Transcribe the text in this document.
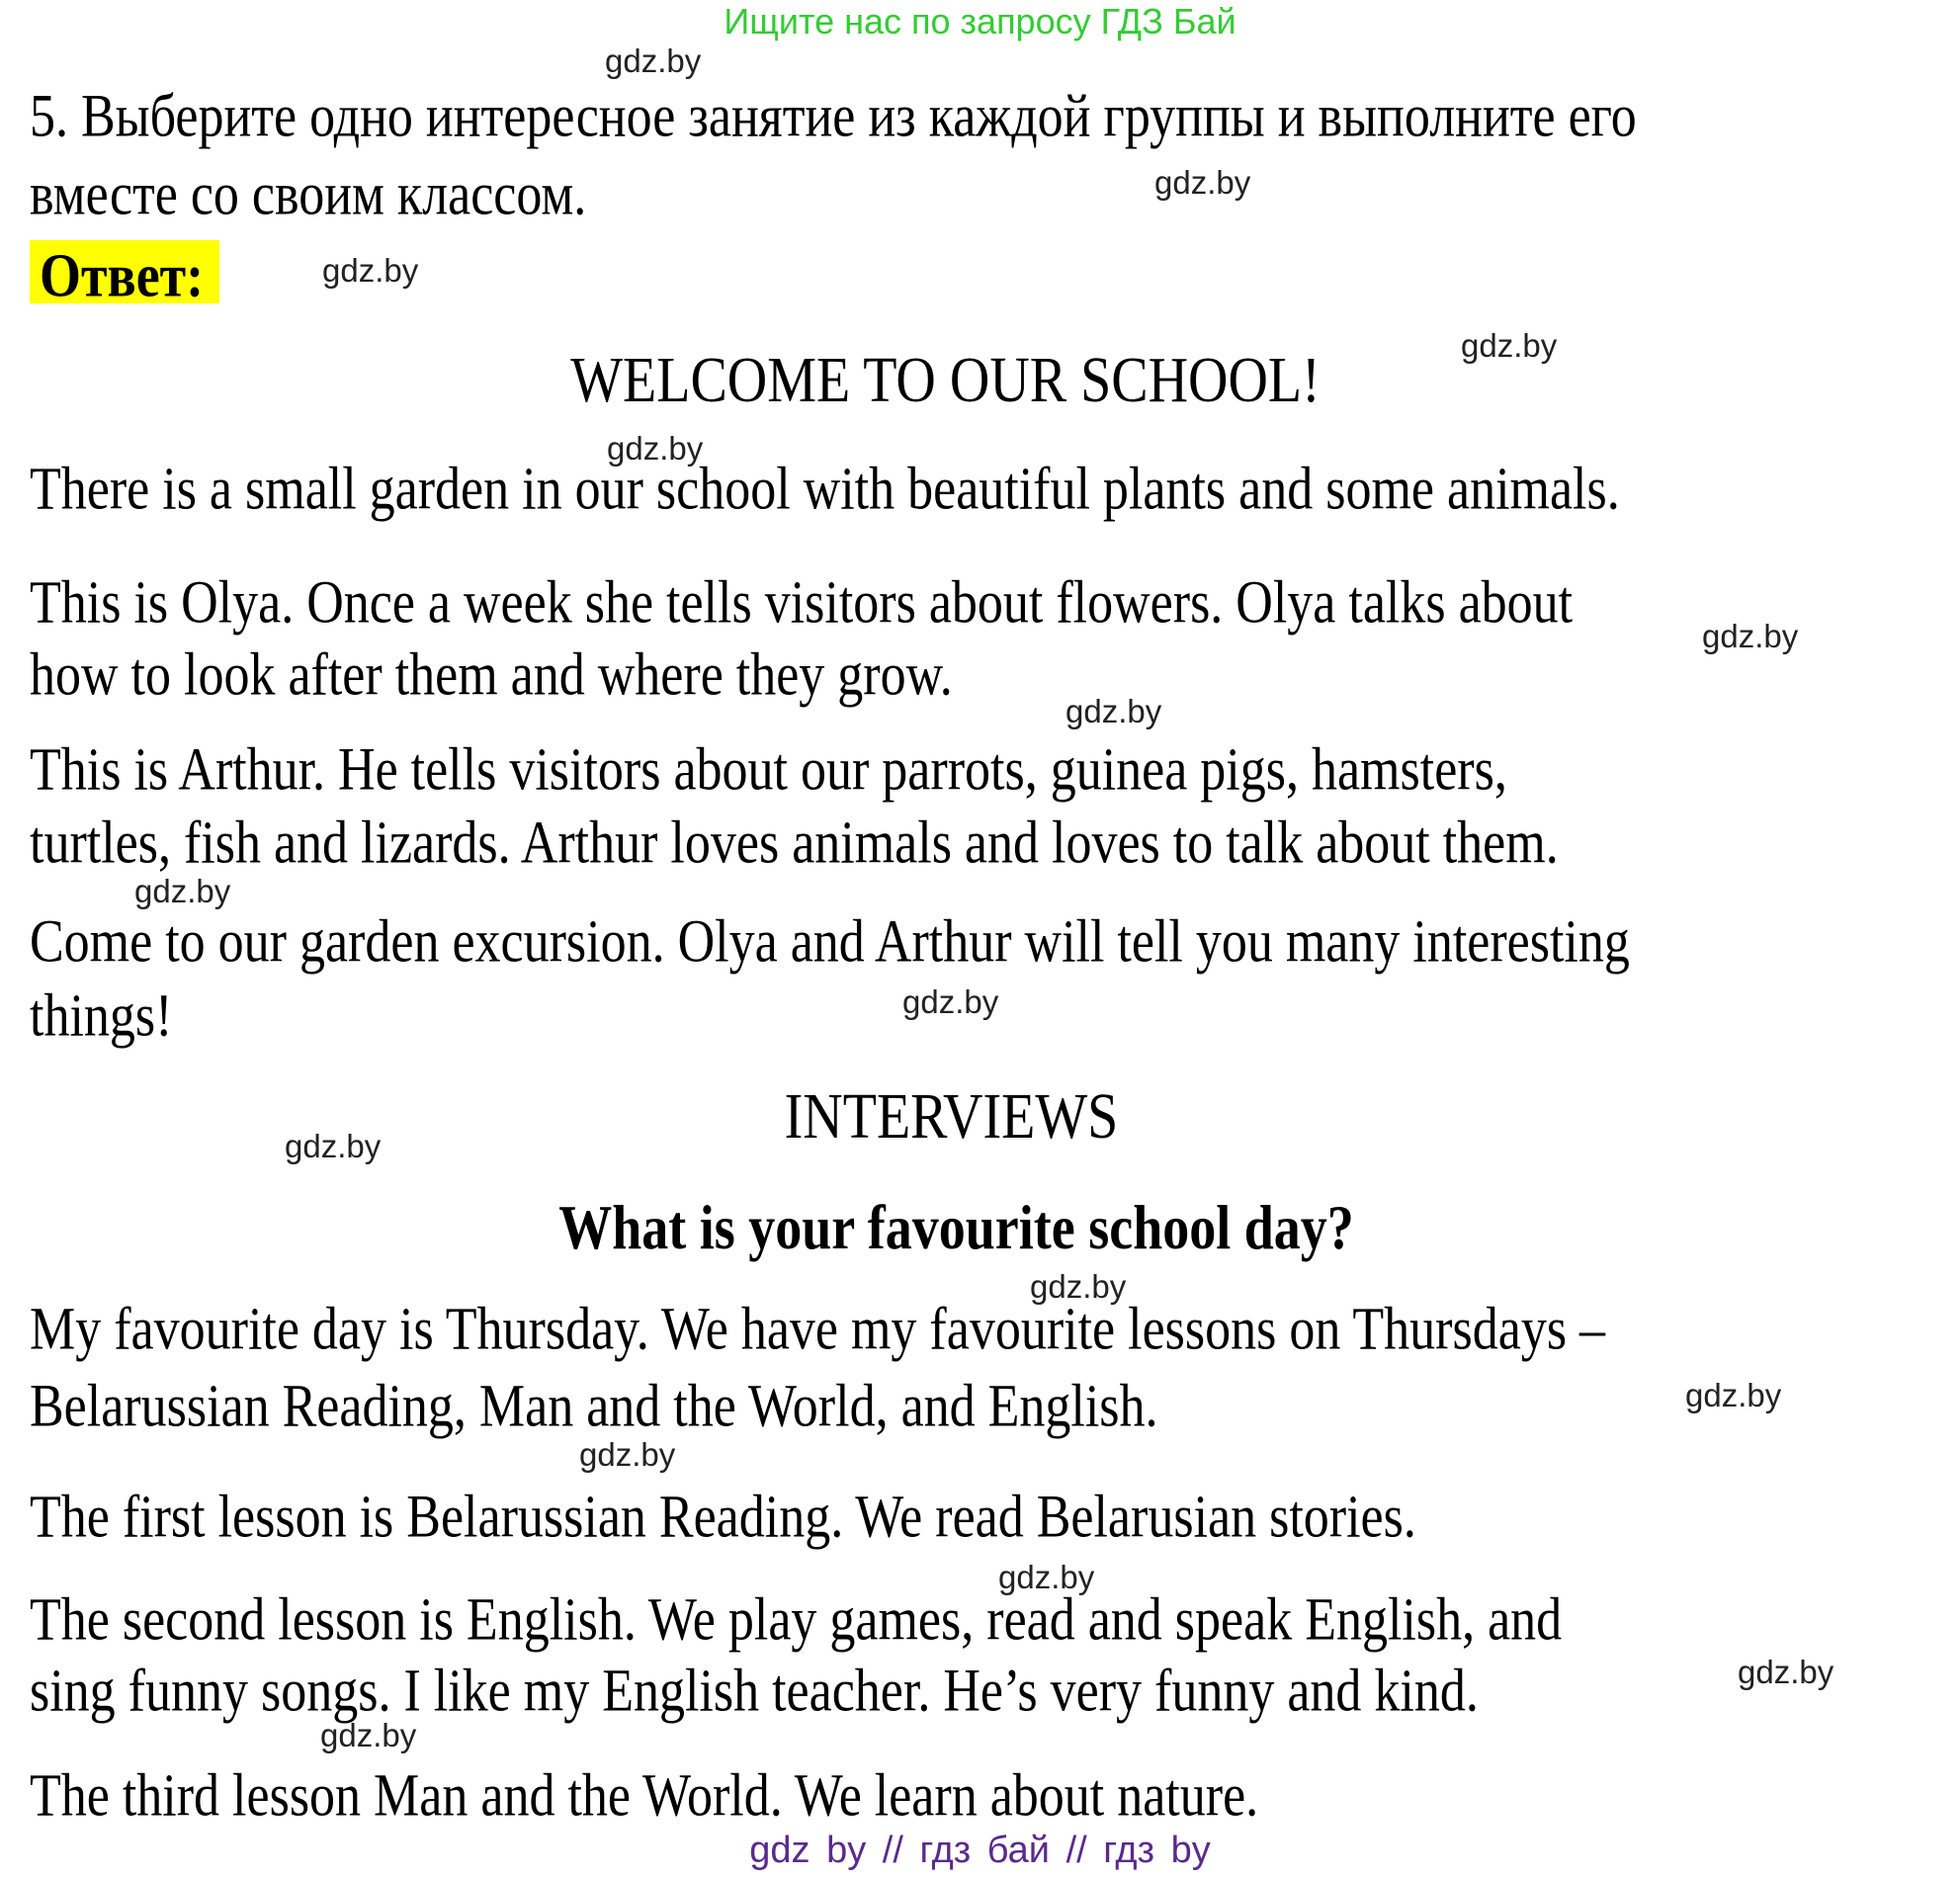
Ищите нас по запросу ГДЗ Бай
gdz.by
gdz.by
gdz.by
gdz.by
gdz.by
gdz.by
gdz.by
gdz.by
gdz.by
gdz.by
gdz.by
gdz.by
gdz.by
gdz.by
gdz.by
gdz.by
5. Выберите одно интересное занятие из каждой группы и выполните его
вместе со своим классом.
Ответ:
WELCOME TO OUR SCHOOL!
There is a small garden in our school with beautiful plants and some animals.
This is Olya. Once a week she tells visitors about flowers. Olya talks about
how to look after them and where they grow.
This is Arthur. He tells visitors about our parrots, guinea pigs, hamsters,
turtles, fish and lizards. Arthur loves animals and loves to talk about them.
Come to our garden excursion. Olya and Arthur will tell you many interesting
things!
INTERVIEWS
What is your favourite school day?
My favourite day is Thursday. We have my favourite lessons on Thursdays –
Belarussian Reading, Man and the World, and English.
The first lesson is Belarussian Reading. We read Belarusian stories.
The second lesson is English. We play games, read and speak English, and
sing funny songs. I like my English teacher. He’s very funny and kind.
The third lesson Man and the World. We learn about nature.
gdz by // гдз бай // гдз by
